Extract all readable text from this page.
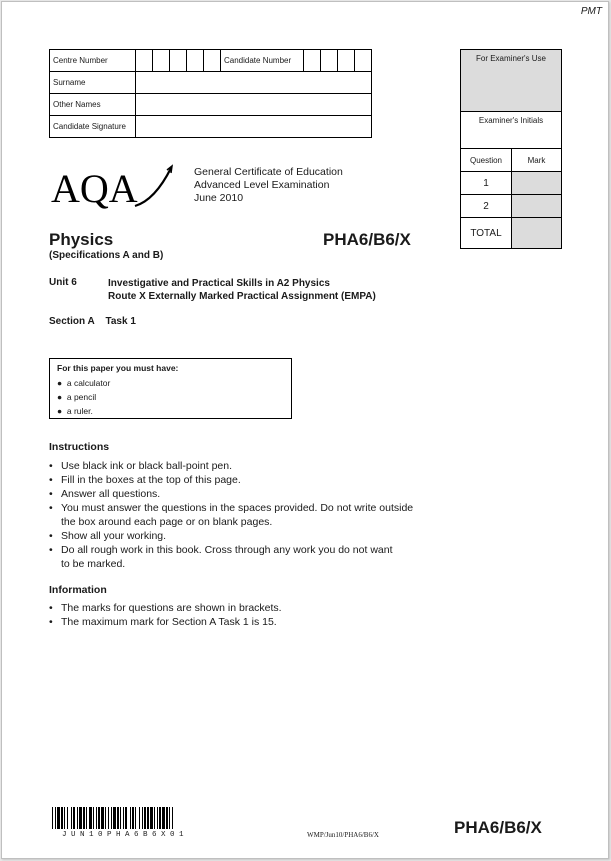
PMT
Centre Number						Candidate Number				
Surname										
Other Names										
Candidate Signature										
For Examiner's Use	
Examiner's Initials	
Question	Mark
1	
2	
TOTAL	
AQA	General Certificate of Education
Advanced Level Examination
June 2010
Physics
(Specifications A and B)
PHA6/B6/X
Unit 6	Investigative and Practical Skills in A2 Physics
Route X Externally Marked Practical Assignment (EMPA)
Section A    Task 1
For this paper you must have:
●  a calculator
●  a pencil
●  a ruler.
Instructions
• Use black ink or black ball-point pen.
• Fill in the boxes at the top of this page.
• Answer all questions.
• You must answer the questions in the spaces provided. Do not write outside
the box around each page or on blank pages.
• Show all your working.
• Do all rough work in this book. Cross through any work you do not want
to be marked.
Information
• The marks for questions are shown in brackets.
• The maximum mark for Section A Task 1 is 15.
JUN10PHA6B6X01	WMP/Jun10/PHA6/B6/X	PHA6/B6/X
